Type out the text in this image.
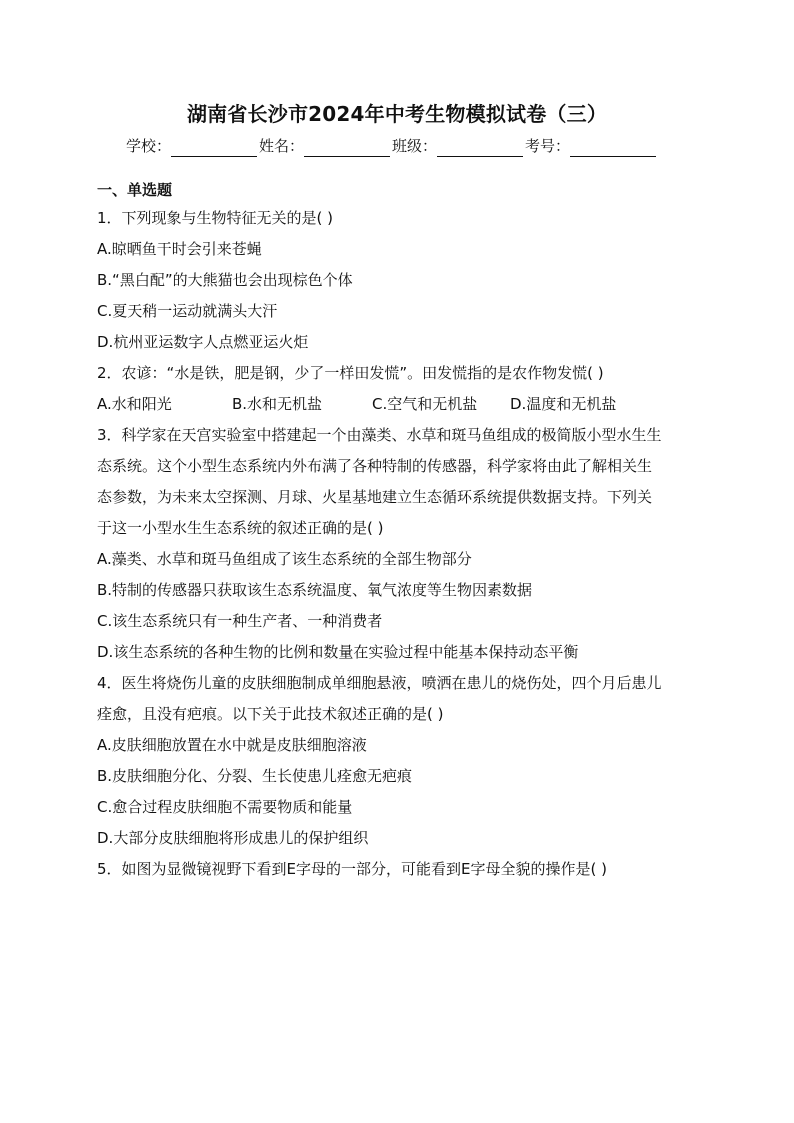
湖南省长沙市2024年中考生物模拟试卷（三）
学校：	姓名：	班级：	考号：
一、单选题
1．下列现象与生物特征无关的是( )
A.晾晒鱼干时会引来苍蝇
B.“黑白配”的大熊猫也会出现棕色个体
C.夏天稍一运动就满头大汗
D.杭州亚运数字人点燃亚运火炬
2．农谚：“水是铁，肥是钢，少了一样田发慌”。田发慌指的是农作物发慌( )
A.水和阳光	B.水和无机盐	C.空气和无机盐	D.温度和无机盐
3．科学家在天宫实验室中搭建起一个由藻类、水草和斑马鱼组成的极简版小型水生生
态系统。这个小型生态系统内外布满了各种特制的传感器，科学家将由此了解相关生
态参数，为未来太空探测、月球、火星基地建立生态循环系统提供数据支持。下列关
于这一小型水生生态系统的叙述正确的是( )
A.藻类、水草和斑马鱼组成了该生态系统的全部生物部分
B.特制的传感器只获取该生态系统温度、氧气浓度等生物因素数据
C.该生态系统只有一种生产者、一种消费者
D.该生态系统的各种生物的比例和数量在实验过程中能基本保持动态平衡
4．医生将烧伤儿童的皮肤细胞制成单细胞悬液，喷洒在患儿的烧伤处，四个月后患儿
痊愈，且没有疤痕。以下关于此技术叙述正确的是( )
A.皮肤细胞放置在水中就是皮肤细胞溶液
B.皮肤细胞分化、分裂、生长使患儿痊愈无疤痕
C.愈合过程皮肤细胞不需要物质和能量
D.大部分皮肤细胞将形成患儿的保护组织
5．如图为显微镜视野下看到E字母的一部分，可能看到E字母全貌的操作是( )
